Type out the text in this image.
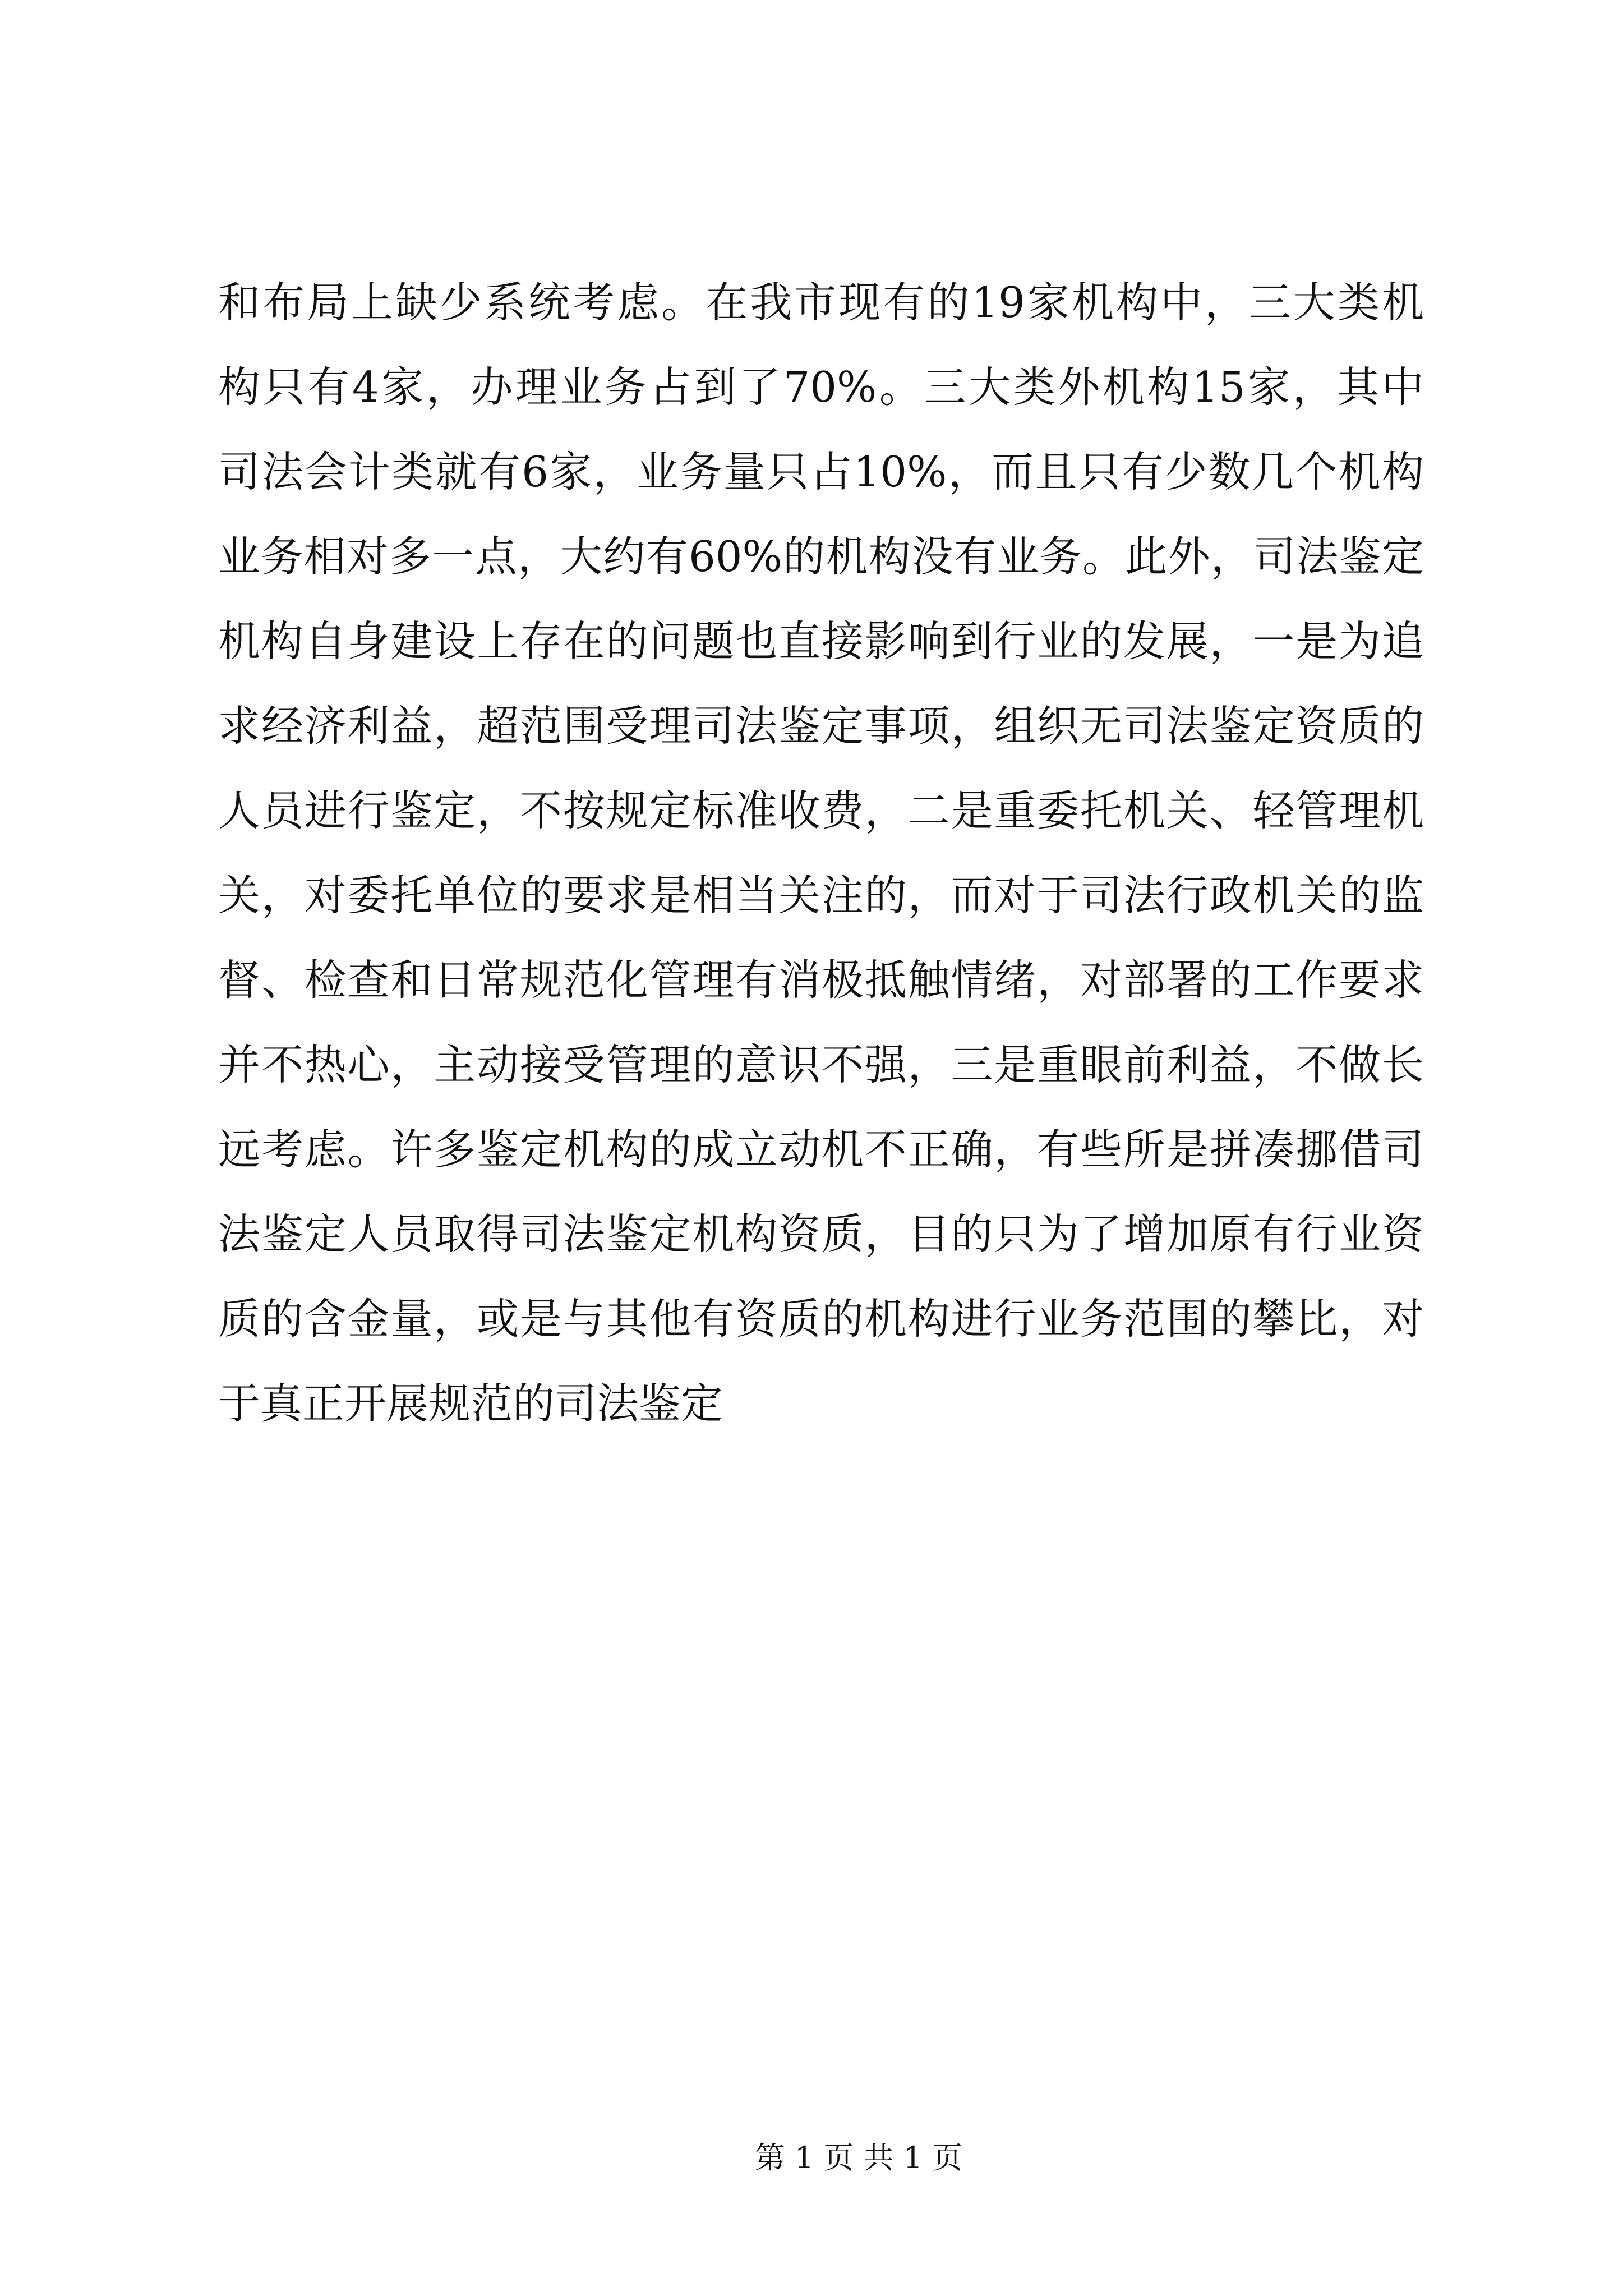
和布局上缺少系统考虑。在我市现有的19家机构中，三大类机
构只有4家，办理业务占到了70%。三大类外机构15家，其中
司法会计类就有6家，业务量只占10%，而且只有少数几个机构
业务相对多一点，大约有60%的机构没有业务。此外，司法鉴定
机构自身建设上存在的问题也直接影响到行业的发展，一是为追
求经济利益，超范围受理司法鉴定事项，组织无司法鉴定资质的
人员进行鉴定，不按规定标准收费，二是重委托机关、轻管理机
关，对委托单位的要求是相当关注的，而对于司法行政机关的监
督、检查和日常规范化管理有消极抵触情绪，对部署的工作要求
并不热心，主动接受管理的意识不强，三是重眼前利益，不做长
远考虑。许多鉴定机构的成立动机不正确，有些所是拼凑挪借司
法鉴定人员取得司法鉴定机构资质，目的只为了增加原有行业资
质的含金量，或是与其他有资质的机构进行业务范围的攀比，对
于真正开展规范的司法鉴定
第 1 页 共 1 页
